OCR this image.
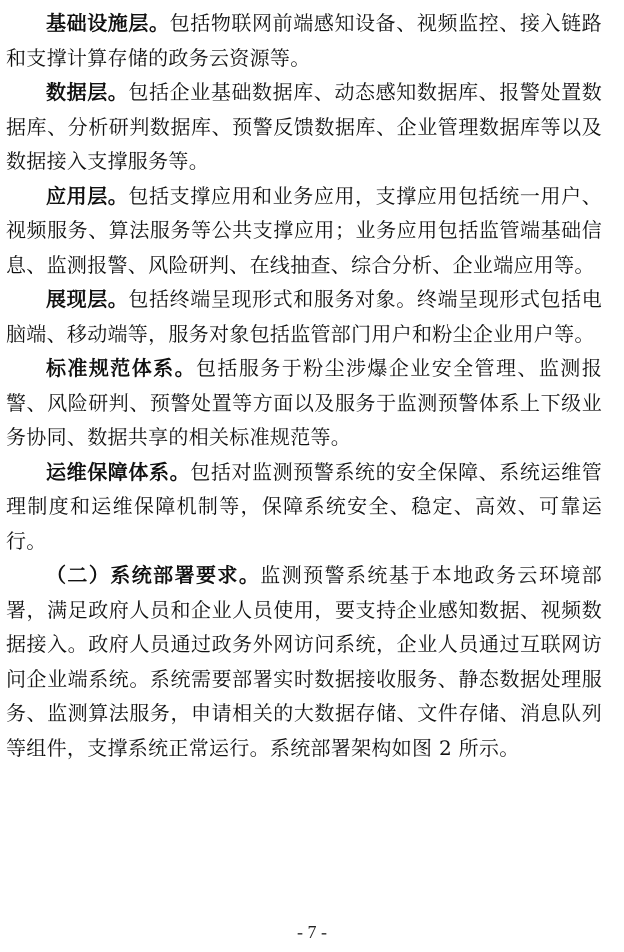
基础设施层。包括物联网前端感知设备、视频监控、接入链路和支撑计算存储的政务云资源等。

数据层。包括企业基础数据库、动态感知数据库、报警处置数据库、分析研判数据库、预警反馈数据库、企业管理数据库等以及数据接入支撑服务等。

应用层。包括支撑应用和业务应用，支撑应用包括统一用户、视频服务、算法服务等公共支撑应用；业务应用包括监管端基础信息、监测报警、风险研判、在线抽查、综合分析、企业端应用等。

展现层。包括终端呈现形式和服务对象。终端呈现形式包括电脑端、移动端等，服务对象包括监管部门用户和粉尘企业用户等。

标准规范体系。包括服务于粉尘涉爆企业安全管理、监测报警、风险研判、预警处置等方面以及服务于监测预警体系上下级业务协同、数据共享的相关标准规范等。

运维保障体系。包括对监测预警系统的安全保障、系统运维管理制度和运维保障机制等，保障系统安全、稳定、高效、可靠运行。

（二）系统部署要求。监测预警系统基于本地政务云环境部署，满足政府人员和企业人员使用，要支持企业感知数据、视频数据接入。政府人员通过政务外网访问系统，企业人员通过互联网访问企业端系统。系统需要部署实时数据接收服务、静态数据处理服务、监测算法服务，申请相关的大数据存储、文件存储、消息队列等组件，支撑系统正常运行。系统部署架构如图 2 所示。

- 7 -
